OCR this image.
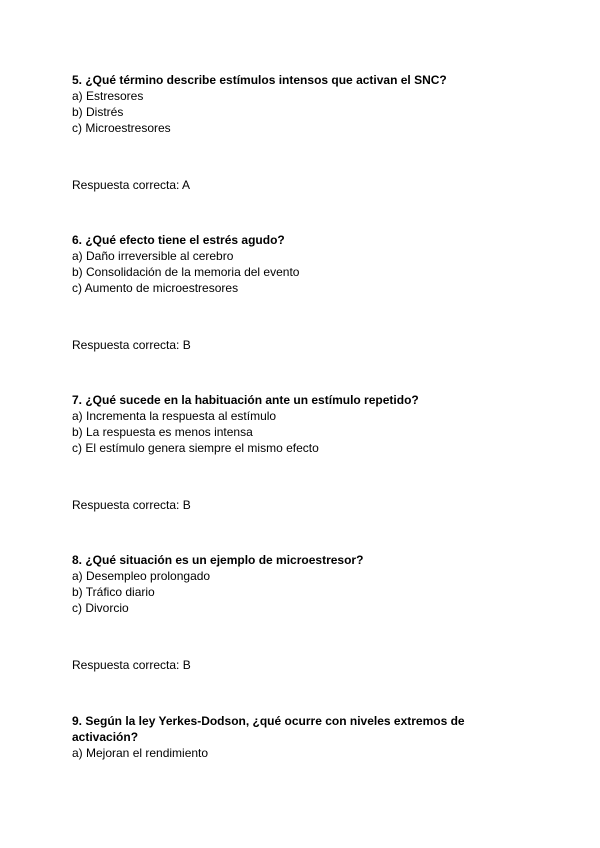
5. ¿Qué término describe estímulos intensos que activan el SNC?
a) Estresores
b) Distrés
c) Microestresores
Respuesta correcta: A
6. ¿Qué efecto tiene el estrés agudo?
a) Daño irreversible al cerebro
b) Consolidación de la memoria del evento
c) Aumento de microestresores
Respuesta correcta: B
7. ¿Qué sucede en la habituación ante un estímulo repetido?
a) Incrementa la respuesta al estímulo
b) La respuesta es menos intensa
c) El estímulo genera siempre el mismo efecto
Respuesta correcta: B
8. ¿Qué situación es un ejemplo de microestresor?
a) Desempleo prolongado
b) Tráfico diario
c) Divorcio
Respuesta correcta: B
9. Según la ley Yerkes-Dodson, ¿qué ocurre con niveles extremos de activación?
a) Mejoran el rendimiento
